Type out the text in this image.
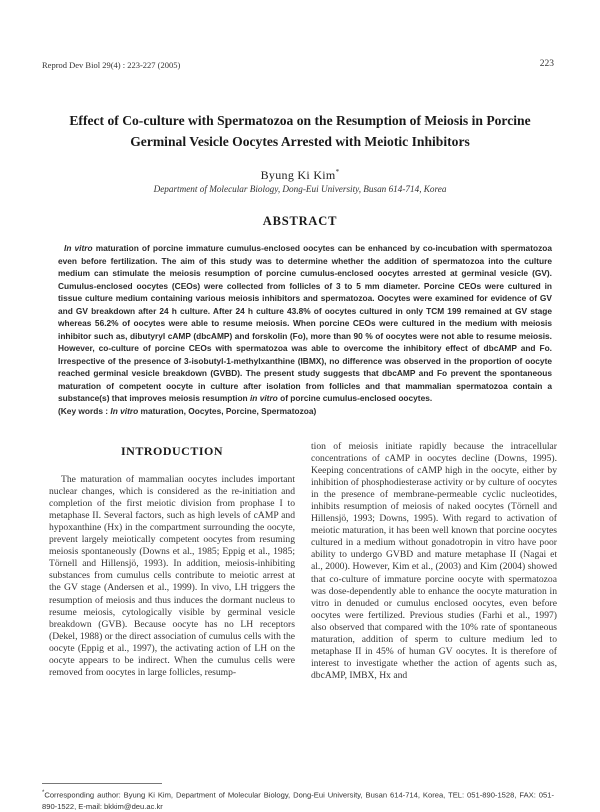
Reprod Dev Biol 29(4) : 223-227 (2005)	223
Effect of Co-culture with Spermatozoa on the Resumption of Meiosis in Porcine Germinal Vesicle Oocytes Arrested with Meiotic Inhibitors
Byung Ki Kim*
Department of Molecular Biology, Dong-Eui University, Busan 614-714, Korea
ABSTRACT
In vitro maturation of porcine immature cumulus-enclosed oocytes can be enhanced by co-incubation with spermatozoa even before fertilization. The aim of this study was to determine whether the addition of spermatozoa into the culture medium can stimulate the meiosis resumption of porcine cumulus-enclosed oocytes arrested at germinal vesicle (GV). Cumulus-enclosed oocytes (CEOs) were collected from follicles of 3 to 5 mm diameter. Porcine CEOs were cultured in tissue culture medium containing various meiosis inhibitors and spermatozoa. Oocytes were examined for evidence of GV and GV breakdown after 24 h culture. After 24 h culture 43.8% of oocytes cultured in only TCM 199 remained at GV stage whereas 56.2% of oocytes were able to resume meiosis. When porcine CEOs were cultured in the medium with meiosis inhibitor such as, dibutyryl cAMP (dbcAMP) and forskolin (Fo), more than 90 % of oocytes were not able to resume meiosis. However, co-culture of porcine CEOs with spermatozoa was able to overcome the inhibitory effect of dbcAMP and Fo. Irrespective of the presence of 3-isobutyl-1-methylxanthine (IBMX), no difference was observed in the proportion of oocyte reached germinal vesicle breakdown (GVBD). The present study suggests that dbcAMP and Fo prevent the spontaneous maturation of competent oocyte in culture after isolation from follicles and that mammalian spermatozoa contain a substance(s) that improves meiosis resumption in vitro of porcine cumulus-enclosed oocytes.
(Key words : In vitro maturation, Oocytes, Porcine, Spermatozoa)
INTRODUCTION

The maturation of mammalian oocytes includes important nuclear changes, which is considered as the re-initiation and completion of the first meiotic division from prophase I to metaphase II. Several factors, such as high levels of cAMP and hypoxanthine (Hx) in the compartment surrounding the oocyte, prevent largely meiotically competent oocytes from resuming meiosis spontaneously (Downs et al., 1985; Eppig et al., 1985; Törnell and Hillensjö, 1993). In addition, meiosis-inhibiting substances from cumulus cells contribute to meiotic arrest at the GV stage (Andersen et al., 1999). In vivo, LH triggers the resumption of meiosis and thus induces the dormant nucleus to resume meiosis, cytologically visible by germinal vesicle breakdown (GVB). Because oocyte has no LH receptors (Dekel, 1988) or the direct association of cumulus cells with the oocyte (Eppig et al., 1997), the activating action of LH on the oocyte appears to be indirect. When the cumulus cells were removed from oocytes in large follicles, resump-

tion of meiosis initiate rapidly because the intracellular concentrations of cAMP in oocytes decline (Downs, 1995). Keeping concentrations of cAMP high in the oocyte, either by inhibition of phosphodiesterase activity or by culture of oocytes in the presence of membrane-permeable cyclic nucleotides, inhibits resumption of meiosis of naked oocytes (Törnell and Hillensjö, 1993; Downs, 1995). With regard to activation of meiotic maturation, it has been well known that porcine oocytes cultured in a medium without gonadotropin in vitro have poor ability to undergo GVBD and mature metaphase II (Nagai et al., 2000). However, Kim et al., (2003) and Kim (2004) showed that co-culture of immature porcine oocyte with spermatozoa was dose-dependently able to enhance the oocyte maturation in vitro in denuded or cumulus enclosed oocytes, even before oocytes were fertilized. Previous studies (Farhi et al., 1997) also observed that compared with the 10% rate of spontaneous maturation, addition of sperm to culture medium led to metaphase II in 45% of human GV oocytes. It is therefore of interest to investigate whether the action of agents such as, dbcAMP, IMBX, Hx and

*Corresponding author: Byung Ki Kim, Department of Molecular Biology, Dong-Eui University, Busan 614-714, Korea, TEL: 051-890-1528, FAX: 051-890-1522, E-mail: bkkim@deu.ac.kr
